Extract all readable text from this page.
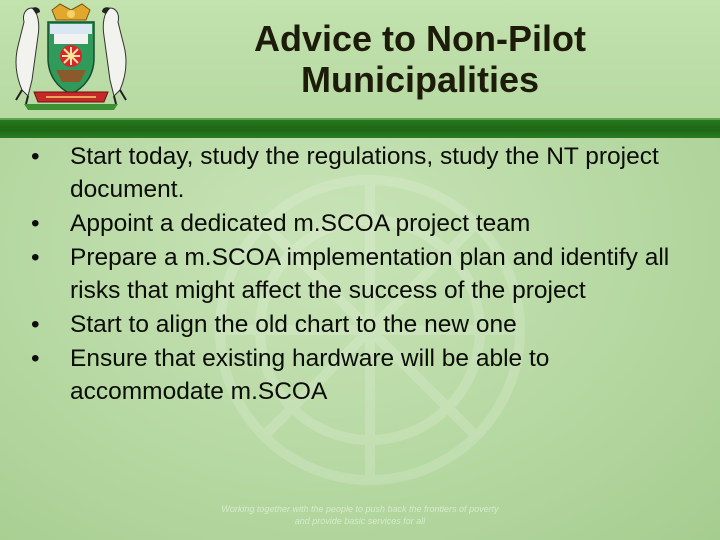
Advice to Non-Pilot
Municipalities
• Start today, study the regulations, study the NT project document.
• Appoint a dedicated m.SCOA project team
• Prepare a m.SCOA implementation plan and identify all risks that might affect the success of the project
• Start to align the old chart to the new one
• Ensure that existing hardware will be able to accommodate m.SCOA
Working together with the people to push back the frontiers of poverty
and provide basic services for all
